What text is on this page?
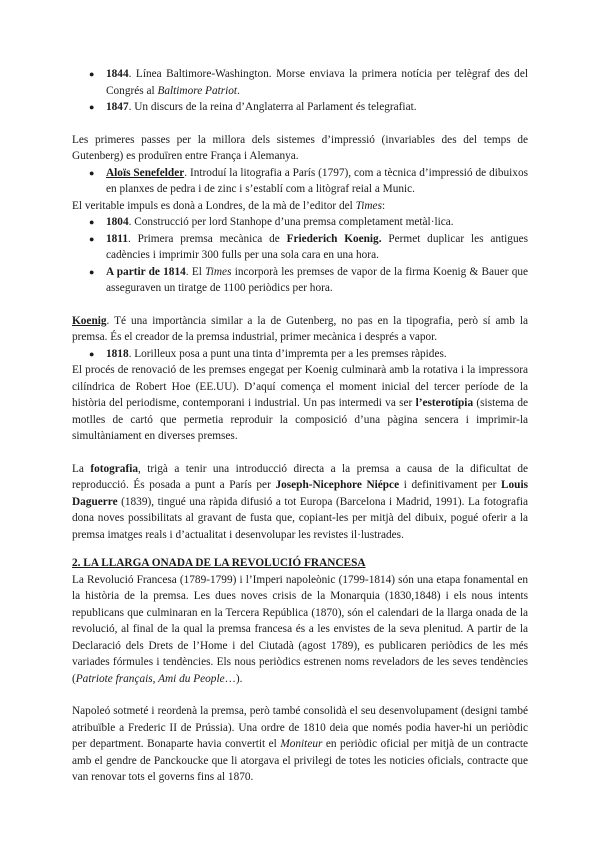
●	1844. Línea Baltimore-Washington. Morse enviava la primera notícia per telègraf des del Congrés al Baltimore Patriot.
●	1847. Un discurs de la reina d’Anglaterra al Parlament és telegrafiat.

Les primeres passes per la millora dels sistemes d’impressió (invariables des del temps de Gutenberg) es produïren entre França i Alemanya.

●	Aloïs Senefelder. Introduí la litografia a París (1797), com a tècnica d’impressió de dibuixos en planxes de pedra i de zinc i s’establí com a litògraf reial a Munic.

El veritable impuls es donà a Londres, de la mà de l’editor del Times:

●	1804. Construcció per lord Stanhope d’una premsa completament metàl·lica.
●	1811. Primera premsa mecànica de Friederich Koenig. Permet duplicar les antigues cadències i imprimir 300 fulls per una sola cara en una hora.
●	A partir de 1814. El Times incorporà les premses de vapor de la firma Koenig & Bauer que asseguraven un tiratge de 1100 periòdics per hora.

Koenig. Té una importància similar a la de Gutenberg, no pas en la tipografia, però sí amb la premsa. És el creador de la premsa industrial, primer mecànica i després a vapor.

●	1818. Lorilleux posa a punt una tinta d’impremta per a les premses ràpides.

El procés de renovació de les premses engegat per Koenig culminarà amb la rotativa i la impressora cilíndrica de Robert Hoe (EE.UU). D’aquí comença el moment inicial del tercer període de la història del periodisme, contemporani i industrial. Un pas intermedi va ser l’esterotípia (sistema de motlles de cartó que permetia reproduir la composició d’una pàgina sencera i imprimir-la simultàniament en diverses premses.

La fotografia, trigà a tenir una introducció directa a la premsa a causa de la dificultat de reproducció. És posada a punt a París per Joseph-Nicephore Niépce i definitivament per Louis Daguerre (1839), tingué una ràpida difusió a tot Europa (Barcelona i Madrid, 1991). La fotografia dona noves possibilitats al gravant de fusta que, copiant-les per mitjà del dibuix, pogué oferir a la premsa imatges reals i d’actualitat i desenvolupar les revistes il·lustrades.

2. LA LLARGA ONADA DE LA REVOLUCIÓ FRANCESA

La Revolució Francesa (1789-1799) i l’Imperi napoleònic (1799-1814) són una etapa fonamental en la història de la premsa. Les dues noves crisis de la Monarquia (1830,1848) i els nous intents republicans que culminaran en la Tercera República (1870), són el calendari de la llarga onada de la revolució, al final de la qual la premsa francesa és a les envistes de la seva plenitud. A partir de la Declaració dels Drets de l’Home i del Ciutadà (agost 1789), es publicaren periòdics de les més variades fórmules i tendències. Els nous periòdics estrenen noms reveladors de les seves tendències (Patriote français, Ami du People…).

Napoleó sotmeté i reordenà la premsa, però també consolidà el seu desenvolupament (designi també atribuïble a Frederic II de Prússia). Una ordre de 1810 deia que només podia haver-hi un periòdic per department. Bonaparte havia convertit el Moniteur en periòdic oficial per mitjà de un contracte amb el gendre de Panckoucke que li atorgava el privilegi de totes les noticies oficials, contracte que van renovar tots el governs fins al 1870.
